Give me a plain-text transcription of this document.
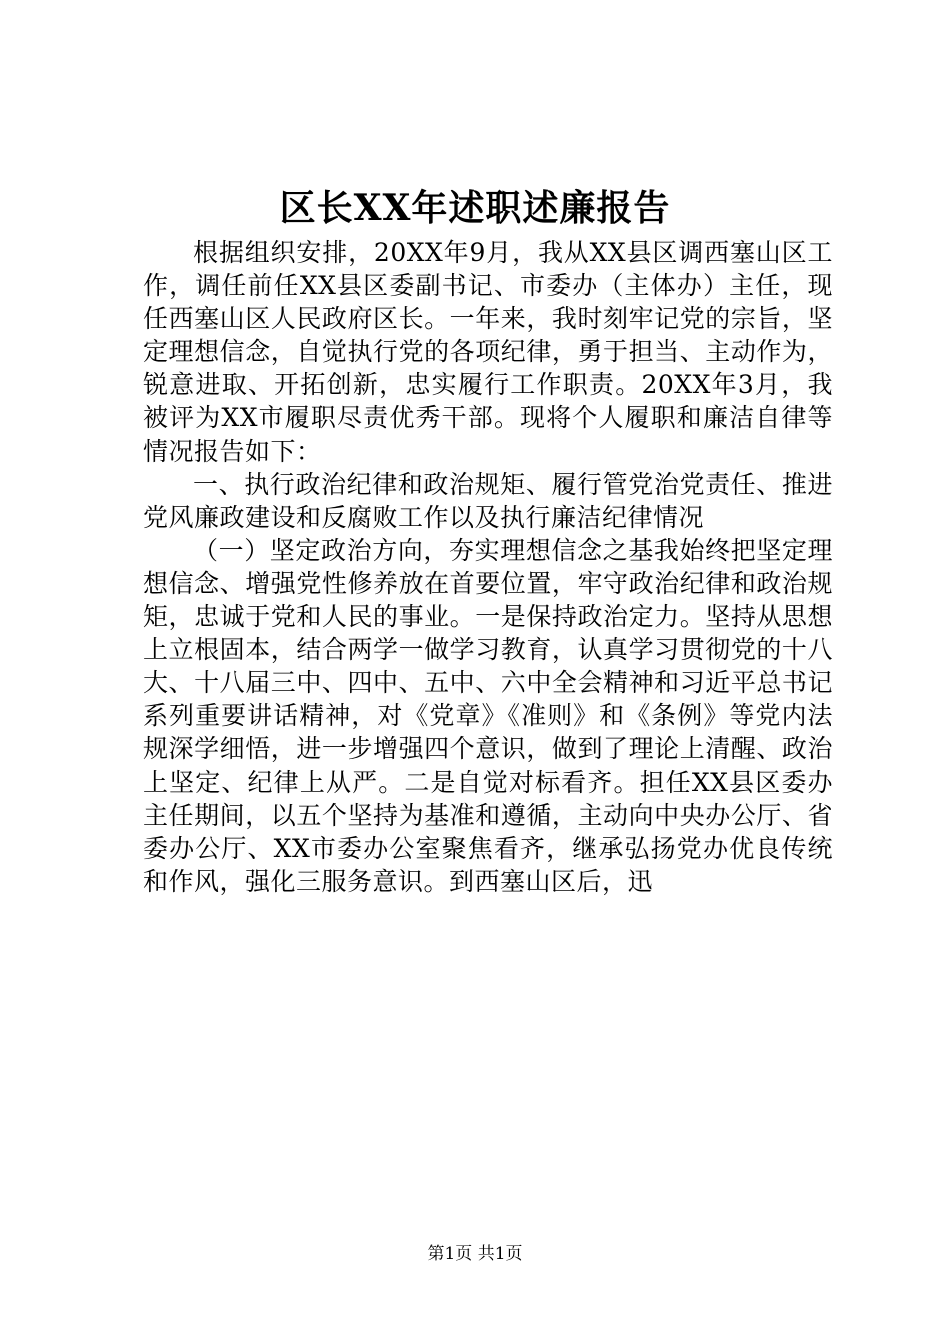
区长XX年述职述廉报告

根据组织安排，20XX年9月，我从XX县区调西塞山区工作，调任前任XX县区委副书记、市委办（主体办）主任，现任西塞山区人民政府区长。一年来，我时刻牢记党的宗旨，坚定理想信念，自觉执行党的各项纪律，勇于担当、主动作为，锐意进取、开拓创新，忠实履行工作职责。20XX年3月，我被评为XX市履职尽责优秀干部。现将个人履职和廉洁自律等情况报告如下：

一、执行政治纪律和政治规矩、履行管党治党责任、推进党风廉政建设和反腐败工作以及执行廉洁纪律情况

（一）坚定政治方向，夯实理想信念之基我始终把坚定理想信念、增强党性修养放在首要位置，牢守政治纪律和政治规矩，忠诚于党和人民的事业。一是保持政治定力。坚持从思想上立根固本，结合两学一做学习教育，认真学习贯彻党的十八大、十八届三中、四中、五中、六中全会精神和习近平总书记系列重要讲话精神，对《党章》《准则》和《条例》等党内法规深学细悟，进一步增强四个意识，做到了理论上清醒、政治上坚定、纪律上从严。二是自觉对标看齐。担任XX县区委办主任期间，以五个坚持为基准和遵循，主动向中央办公厅、省委办公厅、XX市委办公室聚焦看齐，继承弘扬党办优良传统和作风，强化三服务意识。到西塞山区后，迅

第1页 共1页
